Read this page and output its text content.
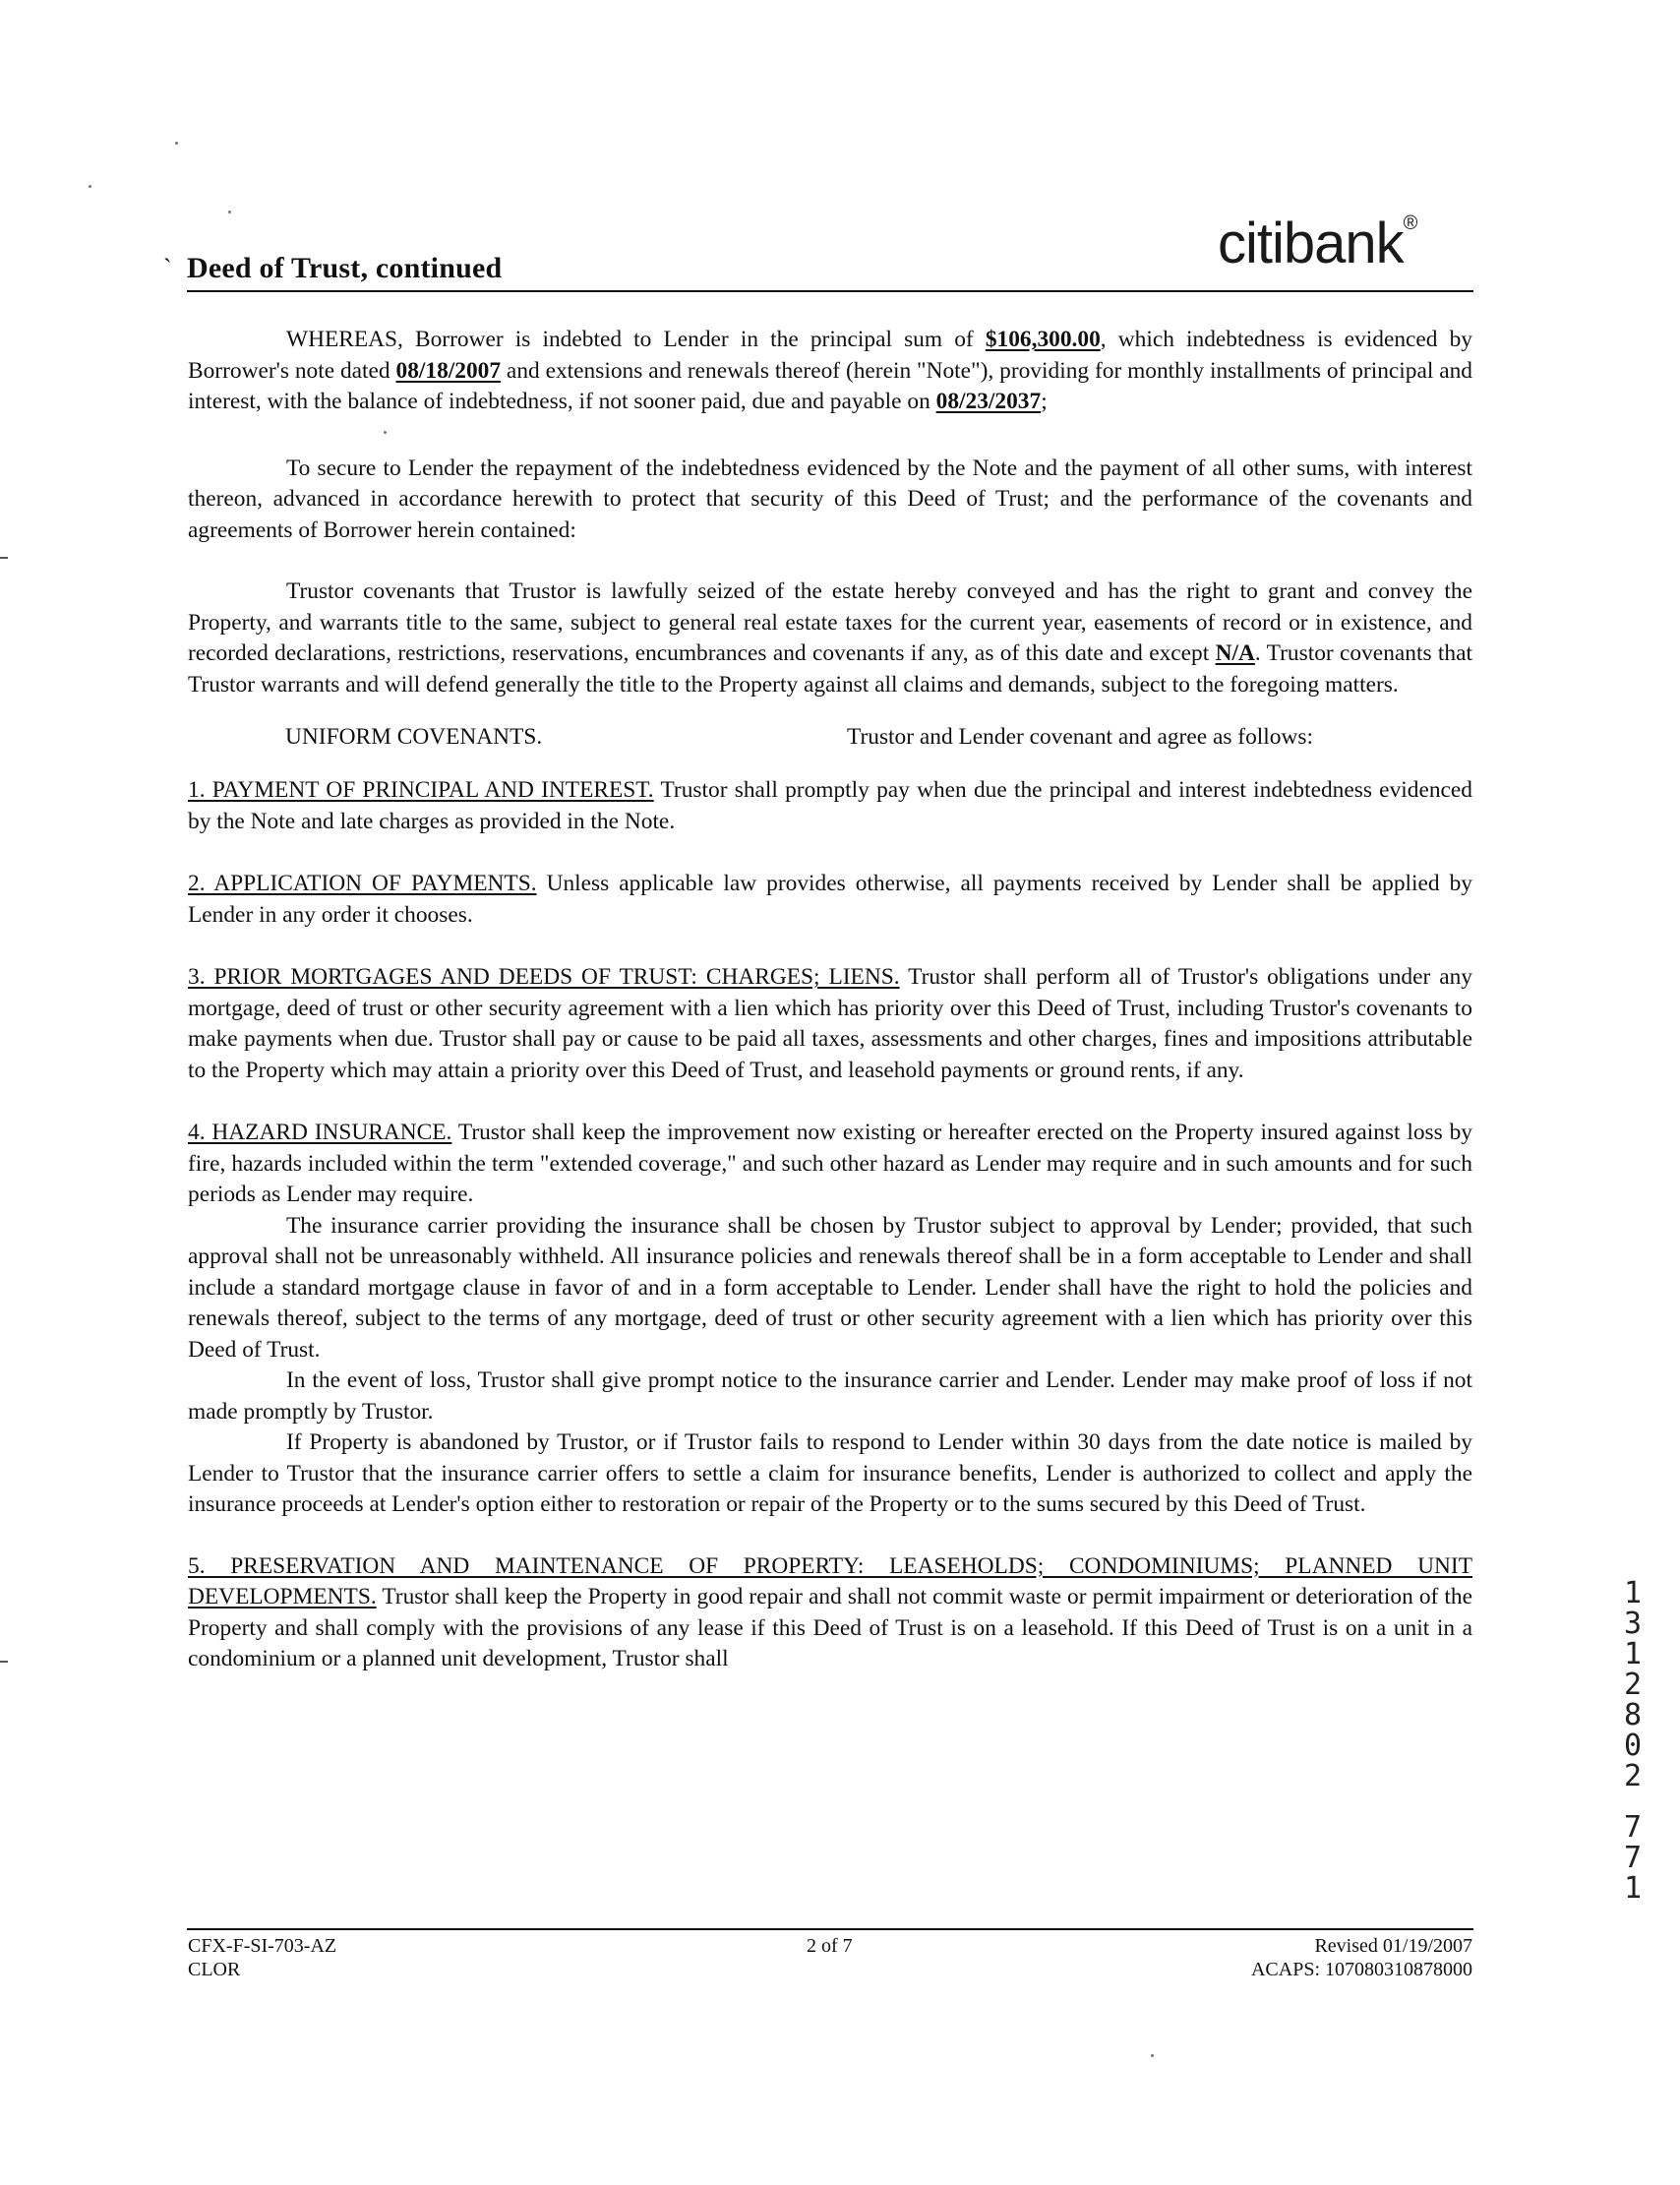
` Deed of Trust, continued	citibank®

WHEREAS, Borrower is indebted to Lender in the principal sum of $106,300.00, which indebtedness is evidenced by Borrower's note dated 08/18/2007 and extensions and renewals thereof (herein "Note"), providing for monthly installments of principal and interest, with the balance of indebtedness, if not sooner paid, due and payable on 08/23/2037;

To secure to Lender the repayment of the indebtedness evidenced by the Note and the payment of all other sums, with interest thereon, advanced in accordance herewith to protect that security of this Deed of Trust; and the performance of the covenants and agreements of Borrower herein contained:

Trustor covenants that Trustor is lawfully seized of the estate hereby conveyed and has the right to grant and convey the Property, and warrants title to the same, subject to general real estate taxes for the current year, easements of record or in existence, and recorded declarations, restrictions, reservations, encumbrances and covenants if any, as of this date and except N/A. Trustor covenants that Trustor warrants and will defend generally the title to the Property against all claims and demands, subject to the foregoing matters.

UNIFORM COVENANTS.	Trustor and Lender covenant and agree as follows:

1. PAYMENT OF PRINCIPAL AND INTEREST. Trustor shall promptly pay when due the principal and interest indebtedness evidenced by the Note and late charges as provided in the Note.

2. APPLICATION OF PAYMENTS. Unless applicable law provides otherwise, all payments received by Lender shall be applied by Lender in any order it chooses.

3. PRIOR MORTGAGES AND DEEDS OF TRUST: CHARGES; LIENS. Trustor shall perform all of Trustor's obligations under any mortgage, deed of trust or other security agreement with a lien which has priority over this Deed of Trust, including Trustor's covenants to make payments when due. Trustor shall pay or cause to be paid all taxes, assessments and other charges, fines and impositions attributable to the Property which may attain a priority over this Deed of Trust, and leasehold payments or ground rents, if any.

4. HAZARD INSURANCE. Trustor shall keep the improvement now existing or hereafter erected on the Property insured against loss by fire, hazards included within the term "extended coverage," and such other hazard as Lender may require and in such amounts and for such periods as Lender may require.

The insurance carrier providing the insurance shall be chosen by Trustor subject to approval by Lender; provided, that such approval shall not be unreasonably withheld. All insurance policies and renewals thereof shall be in a form acceptable to Lender and shall include a standard mortgage clause in favor of and in a form acceptable to Lender. Lender shall have the right to hold the policies and renewals thereof, subject to the terms of any mortgage, deed of trust or other security agreement with a lien which has priority over this Deed of Trust.

In the event of loss, Trustor shall give prompt notice to the insurance carrier and Lender. Lender may make proof of loss if not made promptly by Trustor.

If Property is abandoned by Trustor, or if Trustor fails to respond to Lender within 30 days from the date notice is mailed by Lender to Trustor that the insurance carrier offers to settle a claim for insurance benefits, Lender is authorized to collect and apply the insurance proceeds at Lender's option either to restoration or repair of the Property or to the sums secured by this Deed of Trust.

5. PRESERVATION AND MAINTENANCE OF PROPERTY: LEASEHOLDS; CONDOMINIUMS; PLANNED UNIT DEVELOPMENTS. Trustor shall keep the Property in good repair and shall not commit waste or permit impairment or deterioration of the Property and shall comply with the provisions of any lease if this Deed of Trust is on a leasehold. If this Deed of Trust is on a unit in a condominium or a planned unit development, Trustor shall

1
3
1
2
8
0
2
7
7
1
CFX-F-SI-703-AZ
CLOR
2 of 7	Revised 01/19/2007
ACAPS: 107080310878000
